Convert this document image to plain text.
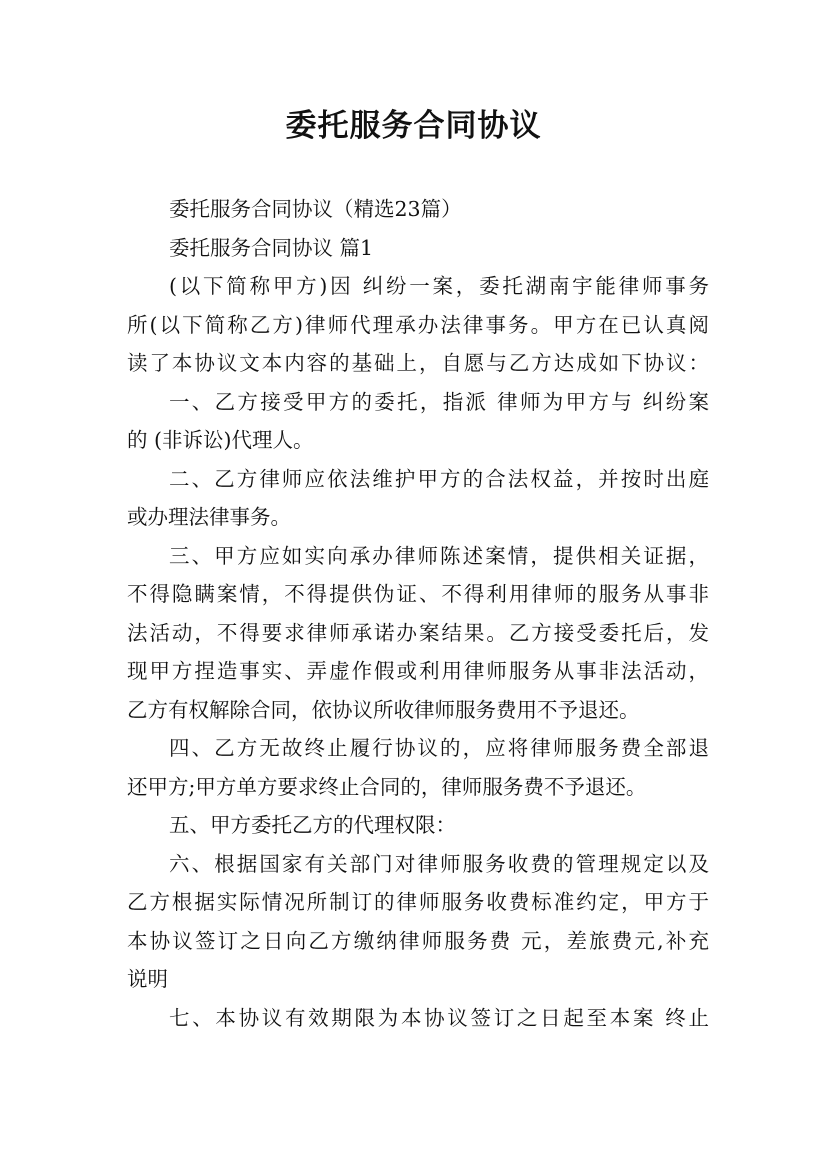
委托服务合同协议
委托服务合同协议（精选23篇）
委托服务合同协议 篇1
(以下简称甲方)因 纠纷一案，委托湖南宇能律师事务
所(以下简称乙方)律师代理承办法律事务。甲方在已认真阅
读了本协议文本内容的基础上，自愿与乙方达成如下协议：
一、乙方接受甲方的委托，指派 律师为甲方与 纠纷案
的 (非诉讼)代理人。
二、乙方律师应依法维护甲方的合法权益，并按时出庭
或办理法律事务。
三、甲方应如实向承办律师陈述案情，提供相关证据，
不得隐瞒案情，不得提供伪证、不得利用律师的服务从事非
法活动，不得要求律师承诺办案结果。乙方接受委托后，发
现甲方捏造事实、弄虚作假或利用律师服务从事非法活动，
乙方有权解除合同，依协议所收律师服务费用不予退还。
四、乙方无故终止履行协议的，应将律师服务费全部退
还甲方;甲方单方要求终止合同的，律师服务费不予退还。
五、甲方委托乙方的代理权限：
六、根据国家有关部门对律师服务收费的管理规定以及
乙方根据实际情况所制订的律师服务收费标准约定，甲方于
本协议签订之日向乙方缴纳律师服务费 元，差旅费元,补充
说明
七、本协议有效期限为本协议签订之日起至本案 终止
